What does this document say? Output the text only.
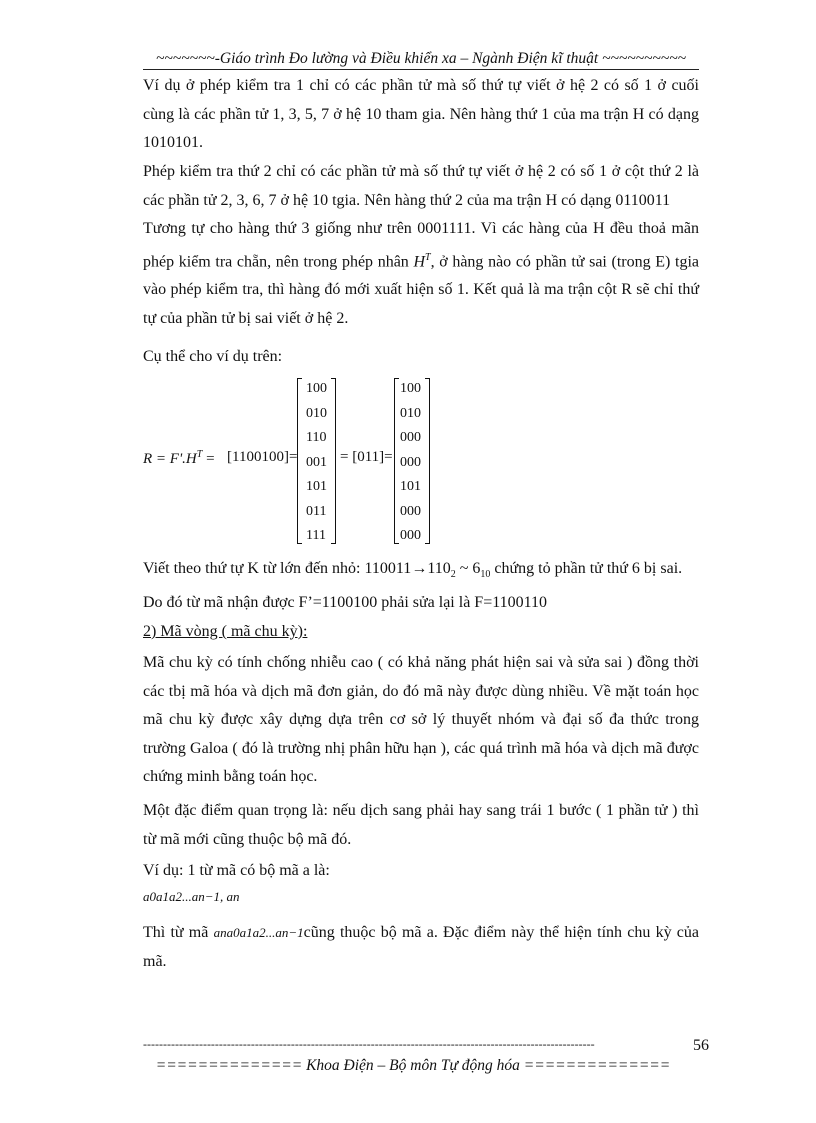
~~~~~~~-Giáo trình Đo lường và Điều khiển xa – Ngành Điện kĩ thuật ~~~~~~~~~~
Ví dụ ở phép kiểm tra 1 chỉ có các phần tử mà số thứ tự viết ở hệ 2 có số 1 ở cuối cùng là các phần tử 1, 3, 5, 7 ở hệ 10 tham gia. Nên hàng thứ 1 của ma trận H có dạng 1010101.
Phép kiểm tra thứ 2 chỉ có các phần tử mà số thứ tự viết ở hệ 2 có số 1 ở cột thứ 2 là các phần tử 2, 3, 6, 7 ở hệ 10 tgia. Nên hàng thứ 2 của ma trận H có dạng 0110011
Tương tự cho hàng thứ 3 giống như trên 0001111. Vì các hàng của H đều thoả mãn phép kiểm tra chẵn, nên trong phép nhân $H^T$, ở hàng nào có phần tử sai (trong E) tgia vào phép kiểm tra, thì hàng đó mới xuất hiện số 1. Kết quả là ma trận cột R sẽ chỉ thứ tự của phần tử bị sai viết ở hệ 2.
Cụ thể cho ví dụ trên:
$R = F'.H^T = [1100100]=$
100
010
110
001
101
011
111
= [011]=
100
010
000
000
101
000
000
Viết theo thứ tự K từ lớn đến nhỏ: $110011\to 110_2$ ~ $6_{10}$ chứng tỏ phần tử thứ 6 bị sai.
Do đó từ mã nhận được F’=1100100 phải sửa lại là F=1100110
2) Mã vòng ( mã chu kỳ):
Mã chu kỳ có tính chống nhiễu cao ( có khả năng phát hiện sai và sửa sai ) đồng thời các tbị mã hóa và dịch mã đơn giản, do đó mã này được dùng nhiều. Về mặt toán học mã chu kỳ được xây dựng dựa trên cơ sở lý thuyết nhóm và đại số đa thức trong trường Galoa ( đó là trường nhị phân hữu hạn ), các quá trình mã hóa và dịch mã được chứng minh bằng toán học.
Một đặc điểm quan trọng là: nếu dịch sang phải hay sang trái 1 bước ( 1 phần tử ) thì từ mã mới cũng thuộc bộ mã đó.
Ví dụ: 1 từ mã có bộ mã a là:
a0a1a2...an−1, an
Thì từ mã ana0a1a2...an−1cũng thuộc bộ mã a. Đặc điểm này thể hiện tính chu kỳ của mã.
-----------------------------------------------------------------------------------------------------------------	56
============== Khoa Điện – Bộ môn Tự động hóa ==============
